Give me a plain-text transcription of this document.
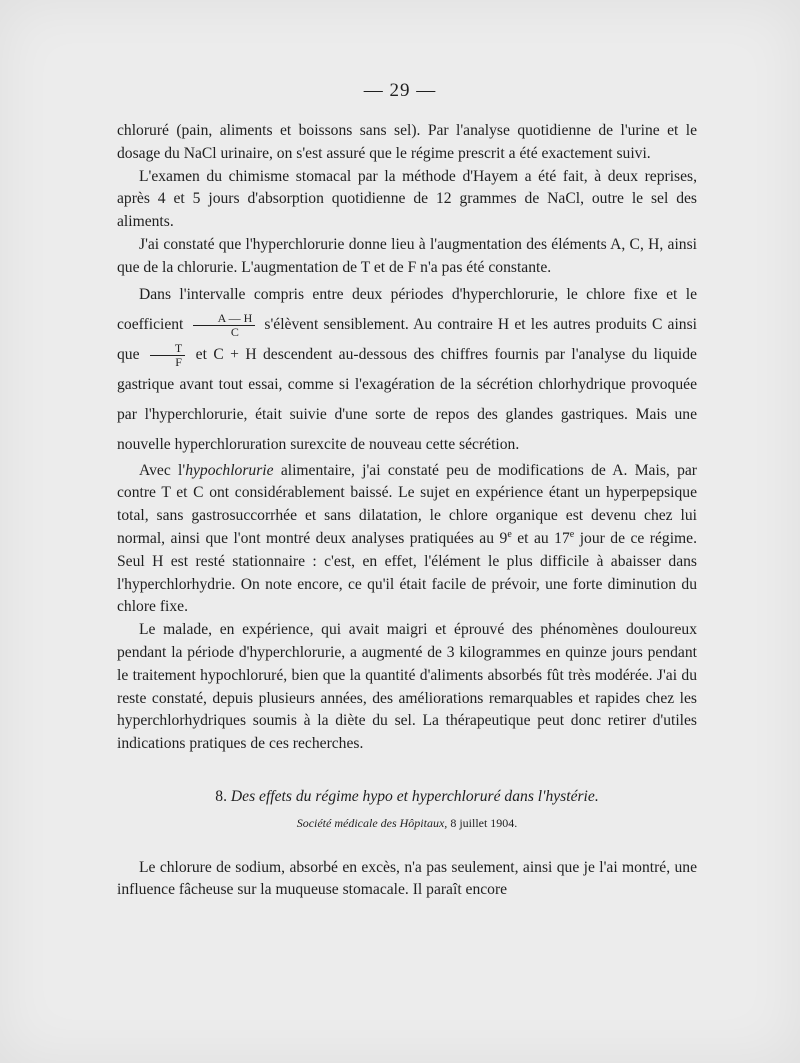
— 29 —

chloruré (pain, aliments et boissons sans sel). Par l'analyse quotidienne de l'urine et le dosage du NaCl urinaire, on s'est assuré que le régime prescrit a été exactement suivi.

L'examen du chimisme stomacal par la méthode d'Hayem a été fait, à deux reprises, après 4 et 5 jours d'absorption quotidienne de 12 grammes de NaCl, outre le sel des aliments.

J'ai constaté que l'hyperchlorurie donne lieu à l'augmentation des éléments A, C, H, ainsi que de la chlorurie. L'augmentation de T et de F n'a pas été constante.

Dans l'intervalle compris entre deux périodes d'hyperchlorurie, le chlore fixe et le coefficient $\frac{A — H}{C}$ s'élèvent sensiblement. Au contraire H et les autres produits C ainsi que $\frac{T}{F}$ et C + H descendent au-dessous des chiffres fournis par l'analyse du liquide gastrique avant tout essai, comme si l'exagération de la sécrétion chlorhydrique provoquée par l'hyperchlorurie, était suivie d'une sorte de repos des glandes gastriques. Mais une nouvelle hyperchloruration surexcite de nouveau cette sécrétion.

Avec l'hypochlorurie alimentaire, j'ai constaté peu de modifications de A. Mais, par contre T et C ont considérablement baissé. Le sujet en expérience étant un hyperpepsique total, sans gastrosuccorrhée et sans dilatation, le chlore organique est devenu chez lui normal, ainsi que l'ont montré deux analyses pratiquées au 9e et au 17e jour de ce régime. Seul H est resté stationnaire : c'est, en effet, l'élément le plus difficile à abaisser dans l'hyperchlorhydrie. On note encore, ce qu'il était facile de prévoir, une forte diminution du chlore fixe.

Le malade, en expérience, qui avait maigri et éprouvé des phénomènes douloureux pendant la période d'hyperchlorurie, a augmenté de 3 kilogrammes en quinze jours pendant le traitement hypochloruré, bien que la quantité d'aliments absorbés fût très modérée. J'ai du reste constaté, depuis plusieurs années, des améliorations remarquables et rapides chez les hyperchlorhydriques soumis à la diète du sel. La thérapeutique peut donc retirer d'utiles indications pratiques de ces recherches.

8. Des effets du régime hypo et hyperchloruré dans l'hystérie.
Société médicale des Hôpitaux, 8 juillet 1904.

Le chlorure de sodium, absorbé en excès, n'a pas seulement, ainsi que je l'ai montré, une influence fâcheuse sur la muqueuse stomacale. Il paraît encore
